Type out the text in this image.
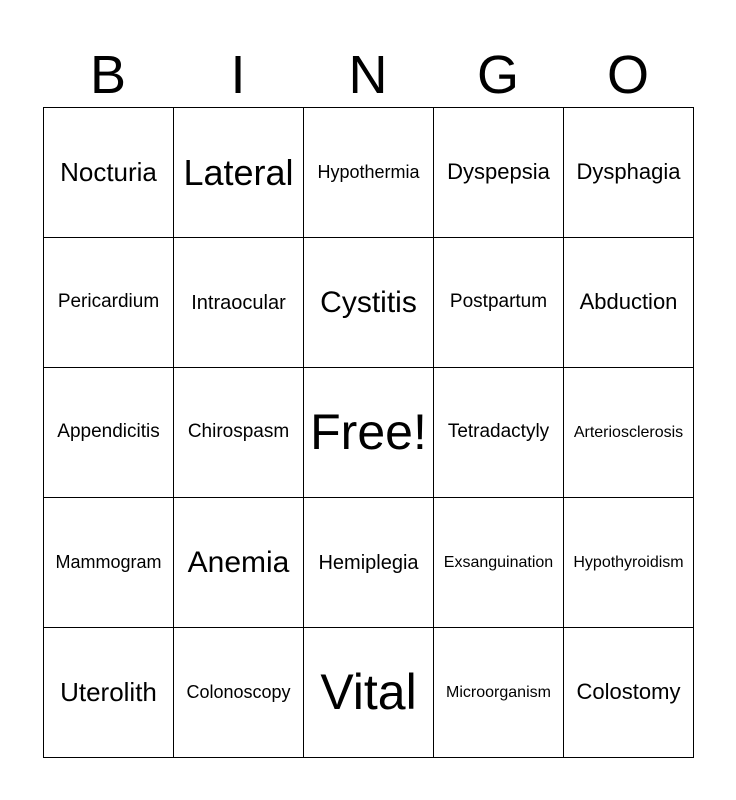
B	I	N	G	O
Nocturia	Lateral	Hypothermia	Dyspepsia	Dysphagia
Pericardium	Intraocular	Cystitis	Postpartum	Abduction
Appendicitis	Chirospasm	Free!	Tetradactyly	Arteriosclerosis
Mammogram	Anemia	Hemiplegia	Exsanguination	Hypothyroidism
Uterolith	Colonoscopy	Vital	Microorganism	Colostomy
